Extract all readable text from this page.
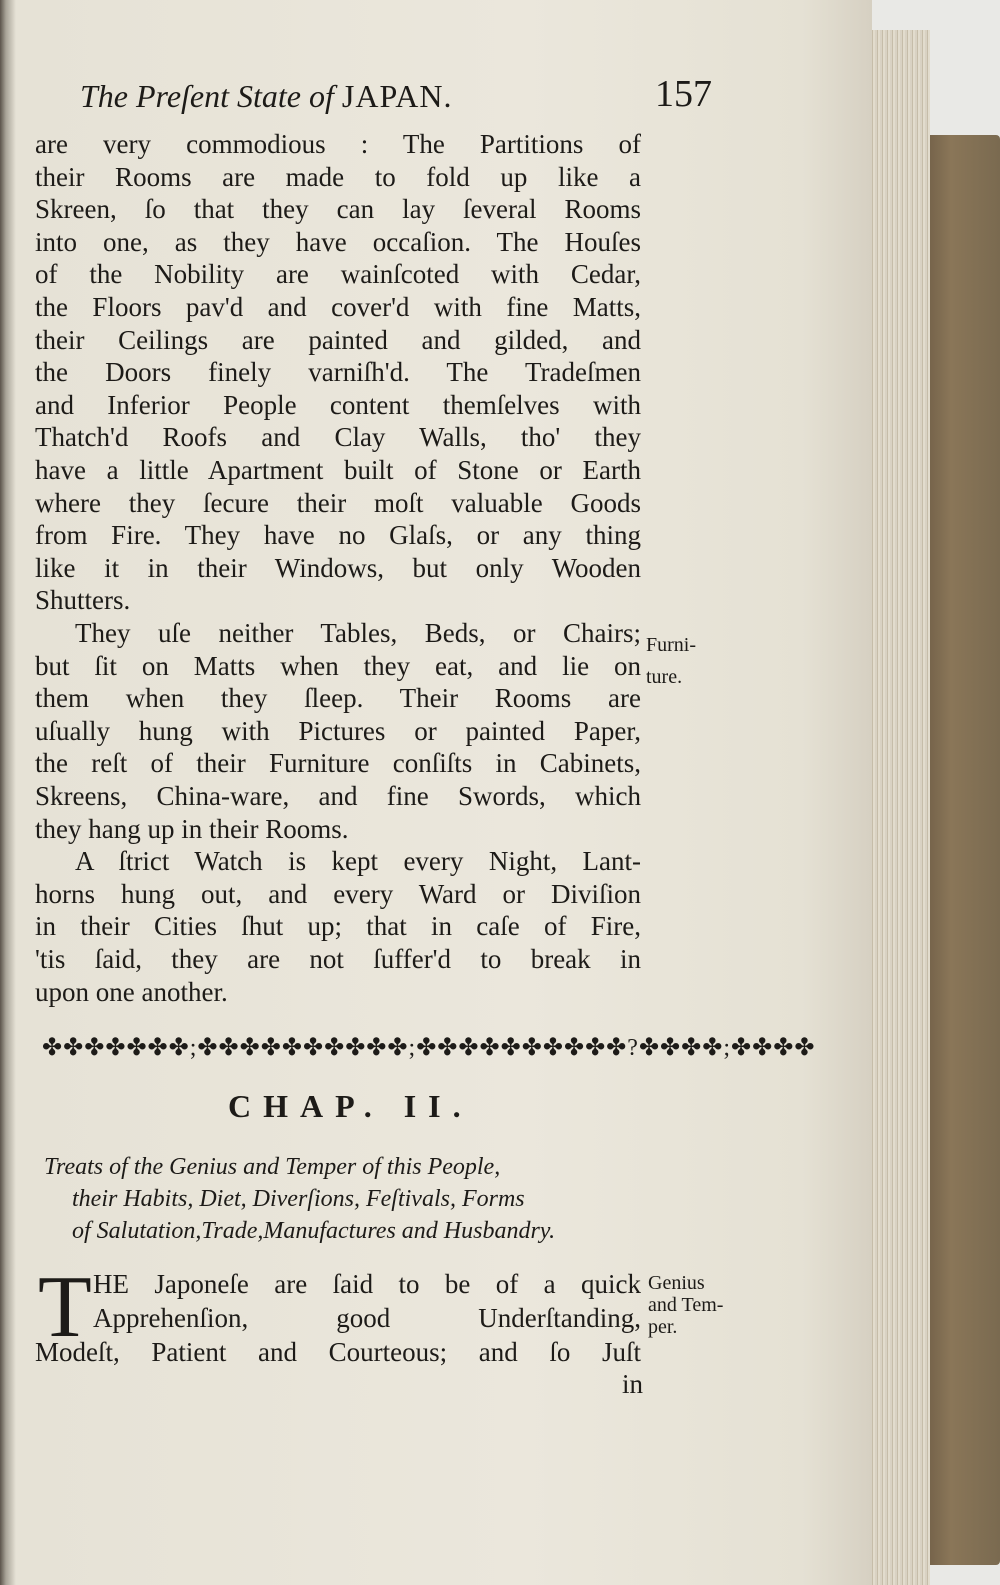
The Preſent State of JAPAN.	157
are very commodious : The Partitions of
their Rooms are made to fold up like a
Skreen, ſo that they can lay ſeveral Rooms
into one, as they have occaſion. The Houſes
of the Nobility are wainſcoted with Cedar,
the Floors pav'd and cover'd with fine Matts,
their Ceilings are painted and gilded, and
the Doors finely varniſh'd. The Tradeſmen
and Inferior People content themſelves with
Thatch'd Roofs and Clay Walls, tho' they
have a little Apartment built of Stone or Earth
where they ſecure their moſt valuable Goods
from Fire. They have no Glaſs, or any thing
like it in their Windows, but only Wooden
Shutters.
They uſe neither Tables, Beds, or Chairs;
but ſit on Matts when they eat, and lie on
them when they ſleep. Their Rooms are
uſually hung with Pictures or painted Paper,
the reſt of their Furniture conſiſts in Cabinets,
Skreens, China-ware, and fine Swords, which
they hang up in their Rooms.
A ſtrict Watch is kept every Night, Lant-
horns hung out, and every Ward or Diviſion
in their Cities ſhut up; that in caſe of Fire,
'tis ſaid, they are not ſuffer'd to break in
upon one another.
Furni-
ture.
✤✤✤✤✤✤✤;✤✤✤✤✤✤✤✤✤✤;✤✤✤✤✤✤✤✤✤✤?✤✤✤✤;✤✤✤✤
CHAP. II.
Treats of the Genius and Temper of this People,
their Habits, Diet, Diverſions, Feſtivals, Forms
of Salutation,Trade,Manufactures and Husbandry.
T HE Japoneſe are ſaid to be of a quick
Apprehenſion, good Underſtanding,
Modeſt, Patient and Courteous; and ſo Juſt
in
Genius
and Tem-
per.
